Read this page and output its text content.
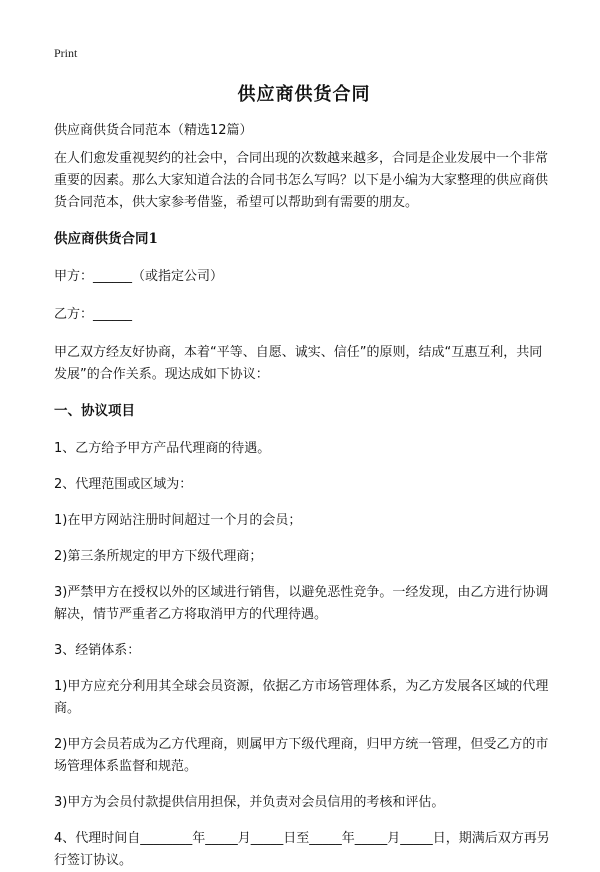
Print
供应商供货合同

供应商供货合同范本（精选12篇）

在人们愈发重视契约的社会中，合同出现的次数越来越多，合同是企业发展中一个非常重要的因素。那么大家知道合法的合同书怎么写吗？以下是小编为大家整理的供应商供货合同范本，供大家参考借鉴，希望可以帮助到有需要的朋友。

供应商供货合同1

甲方：______（或指定公司）

乙方：______

甲乙双方经友好协商，本着“平等、自愿、诚实、信任”的原则，结成“互惠互利，共同发展”的合作关系。现达成如下协议：

一、协议项目

1、乙方给予甲方产品代理商的待遇。

2、代理范围或区域为：

1)在甲方网站注册时间超过一个月的会员；

2)第三条所规定的甲方下级代理商；

3)严禁甲方在授权以外的区域进行销售，以避免恶性竞争。一经发现，由乙方进行协调解决，情节严重者乙方将取消甲方的代理待遇。

3、经销体系：

1)甲方应充分利用其全球会员资源，依据乙方市场管理体系，为乙方发展各区域的代理商。

2)甲方会员若成为乙方代理商，则属甲方下级代理商，归甲方统一管理，但受乙方的市场管理体系监督和规范。

3)甲方为会员付款提供信用担保，并负责对会员信用的考核和评估。

4、代理时间自________年_____月_____日至_____年_____月_____日，期满后双方再另行签订协议。
